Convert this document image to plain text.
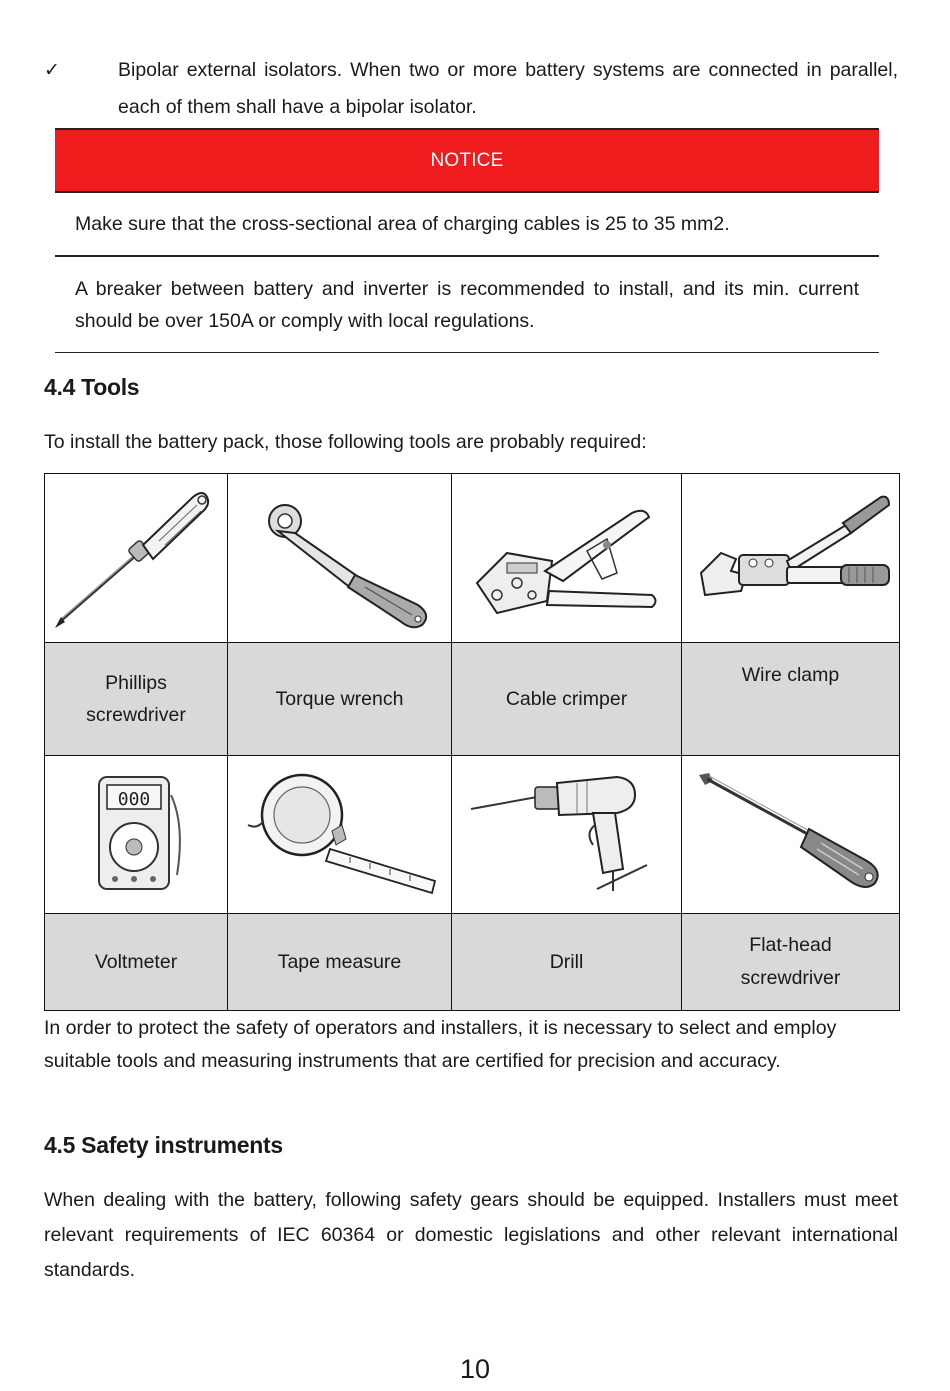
✓	Bipolar external isolators. When two or more battery systems are connected in parallel, each of them shall have a bipolar isolator.
NOTICE
Make sure that the cross-sectional area of charging cables is 25 to 35 mm2.
A breaker between battery and inverter is recommended to install, and its min. current should be over 150A or comply with local regulations.
4.4 Tools
To install the battery pack, those following tools are probably required:

Phillips screwdriver	Torque wrench	Cable crimper	Wire clamp

000

Voltmeter	Tape measure	Drill	Flat-head screwdriver
In order to protect the safety of operators and installers, it is necessary to select and employ suitable tools and measuring instruments that are certified for precision and accuracy.
4.5 Safety instruments
When dealing with the battery, following safety gears should be equipped. Installers must meet relevant requirements of IEC 60364 or domestic legislations and other relevant international standards.
10
